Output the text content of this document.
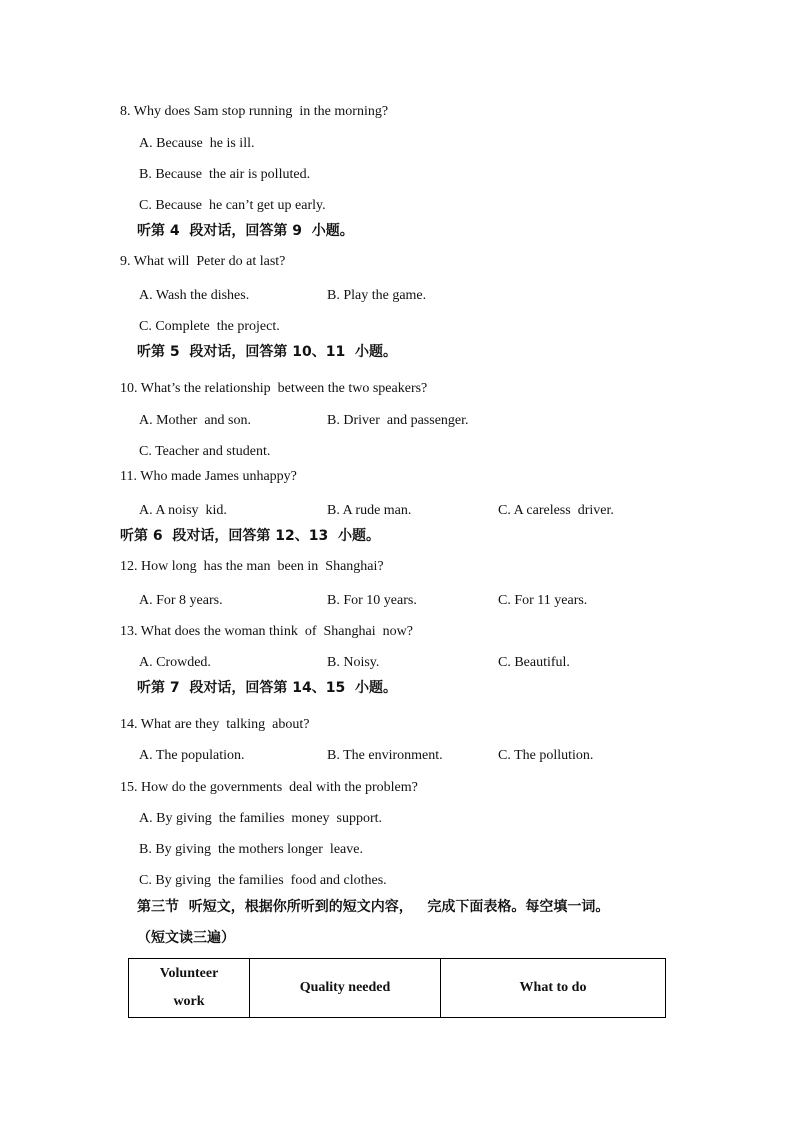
8. Why does Sam stop running  in the morning?
A. Because  he is ill.
B. Because  the air is polluted.
C. Because  he can’t get up early.
听第 4  段对话，回答第 9  小题。
9. What will  Peter do at last?
A. Wash the dishes.	B. Play the game.
C. Complete  the project.
听第 5  段对话，回答第 10、11  小题。
10. What’s the relationship  between the two speakers?
A. Mother  and son.	B. Driver  and passenger.
C. Teacher and student.
11. Who made James unhappy?
A. A noisy  kid.	B. A rude man.	C. A careless  driver.
听第 6  段对话，回答第 12、13  小题。
12. How long  has the man  been in  Shanghai?
A. For 8 years.	B. For 10 years.	C. For 11 years.
13. What does the woman think  of  Shanghai  now?
A. Crowded.	B. Noisy.	C. Beautiful.
听第 7  段对话，回答第 14、15  小题。
14. What are they  talking  about?
A. The population.	B. The environment.	C. The pollution.
15. How do the governments  deal with the problem?
A. By giving  the families  money  support.
B. By giving  the mothers longer  leave.
C. By giving  the families  food and clothes.
第三节  听短文，根据你所听到的短文内容，   完成下面表格。每空填一词。
（短文读三遍）
Volunteer
work	Quality needed	What to do
